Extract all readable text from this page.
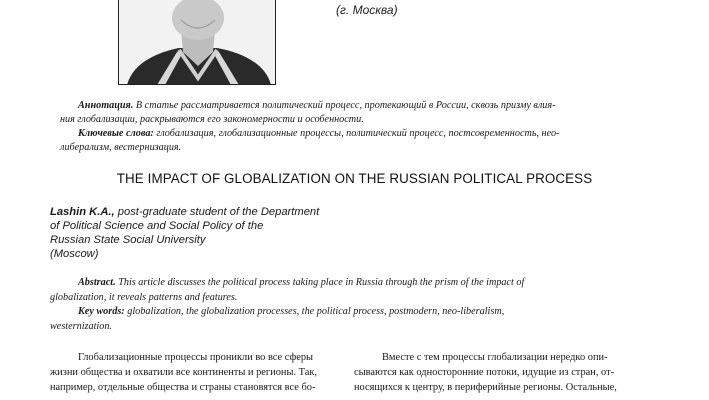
(г. Москва)

Аннотация. В статье рассматривается политический процесс, протекающий в России, сквозь призму влия-

ния глобализации, раскрываются его закономерности и особенности.

Ключевые слова: глобализация, глобализационные процессы, политический процесс, постсовременность, нео-

либерализм, вестернизация.

THE IMPACT OF GLOBALIZATION ON THE RUSSIAN POLITICAL PROCESS
Lashin K.A., post-graduate student of the Department
of Political Science and Social Policy of the
Russian State Social University
(Moscow)

Abstract. This article discusses the political process taking place in Russia through the prism of the impact of

globalization, it reveals patterns and features.

Key words: globalization, the globalization processes, the political process, postmodern, neo-liberalism,

westernization.

Глобализационные процессы проникли во все сферы

жизни общества и охватили все континенты и регионы. Так,

например, отдельные общества и страны становятся все бо-

Вместе с тем процессы глобализации нередко опи-

сываются как односторонние потоки, идущие из стран, от-

носящихся к центру, в периферийные регионы. Остальные,
